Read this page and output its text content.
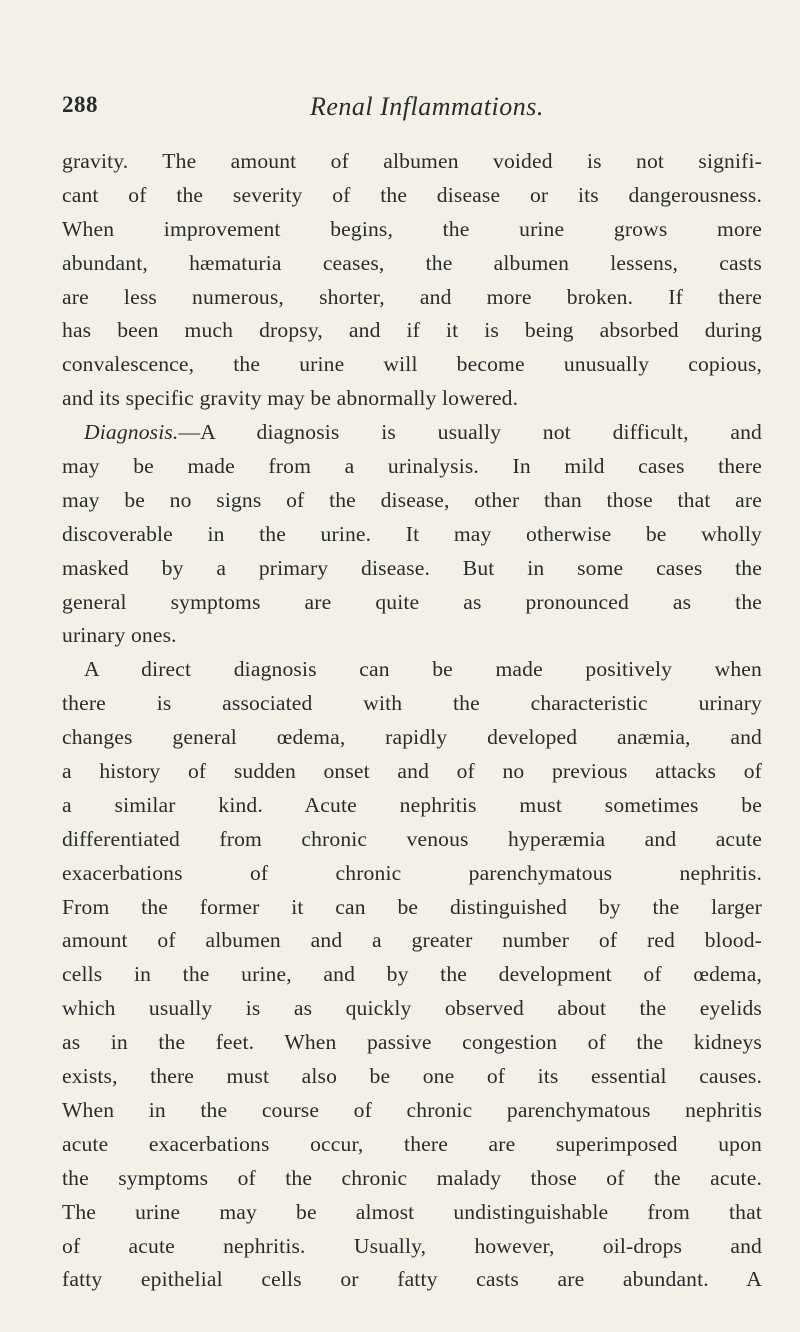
288	Renal Inflammations.
gravity. The amount of albumen voided is not signifi-
cant of the severity of the disease or its dangerousness.
When improvement begins, the urine grows more
abundant, hæmaturia ceases, the albumen lessens, casts
are less numerous, shorter, and more broken. If there
has been much dropsy, and if it is being absorbed during
convalescence, the urine will become unusually copious,
and its specific gravity may be abnormally lowered.
Diagnosis.—A diagnosis is usually not difficult, and
may be made from a urinalysis. In mild cases there
may be no signs of the disease, other than those that are
discoverable in the urine. It may otherwise be wholly
masked by a primary disease. But in some cases the
general symptoms are quite as pronounced as the
urinary ones.
A direct diagnosis can be made positively when
there is associated with the characteristic urinary
changes general œdema, rapidly developed anæmia, and
a history of sudden onset and of no previous attacks of
a similar kind. Acute nephritis must sometimes be
differentiated from chronic venous hyperæmia and acute
exacerbations of chronic parenchymatous nephritis.
From the former it can be distinguished by the larger
amount of albumen and a greater number of red blood-
cells in the urine, and by the development of œdema,
which usually is as quickly observed about the eyelids
as in the feet. When passive congestion of the kidneys
exists, there must also be one of its essential causes.
When in the course of chronic parenchymatous nephritis
acute exacerbations occur, there are superimposed upon
the symptoms of the chronic malady those of the acute.
The urine may be almost undistinguishable from that
of acute nephritis. Usually, however, oil-drops and
fatty epithelial cells or fatty casts are abundant. A
